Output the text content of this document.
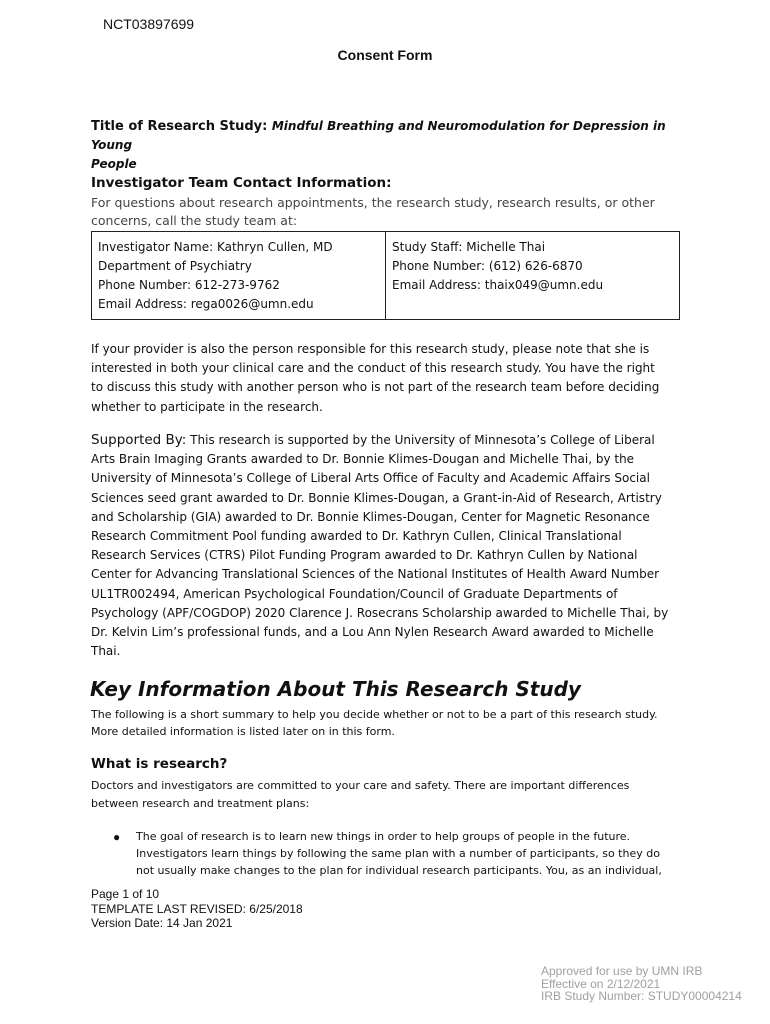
NCT03897699
Consent Form
Title of Research Study: Mindful Breathing and Neuromodulation for Depression in Young
People
Investigator Team Contact Information:
For questions about research appointments, the research study, research results, or other
concerns, call the study team at:
Investigator Name: Kathryn Cullen, MD
Department of Psychiatry
Phone Number: 612-273-9762
Email Address: rega0026@umn.edu
Study Staff: Michelle Thai
Phone Number: (612) 626-6870
Email Address: thaix049@umn.edu
If your provider is also the person responsible for this research study, please note that she is
interested in both your clinical care and the conduct of this research study. You have the right
to discuss this study with another person who is not part of the research team before deciding
whether to participate in the research.
Supported By: This research is supported by the University of Minnesota’s College of Liberal
Arts Brain Imaging Grants awarded to Dr. Bonnie Klimes-Dougan and Michelle Thai, by the
University of Minnesota’s College of Liberal Arts Office of Faculty and Academic Affairs Social
Sciences seed grant awarded to Dr. Bonnie Klimes-Dougan, a Grant-in-Aid of Research, Artistry
and Scholarship (GIA) awarded to Dr. Bonnie Klimes-Dougan, Center for Magnetic Resonance
Research Commitment Pool funding awarded to Dr. Kathryn Cullen, Clinical Translational
Research Services (CTRS) Pilot Funding Program awarded to Dr. Kathryn Cullen by National
Center for Advancing Translational Sciences of the National Institutes of Health Award Number
UL1TR002494, American Psychological Foundation/Council of Graduate Departments of
Psychology (APF/COGDOP) 2020 Clarence J. Rosecrans Scholarship awarded to Michelle Thai, by
Dr. Kelvin Lim’s professional funds, and a Lou Ann Nylen Research Award awarded to Michelle
Thai.
Key Information About This Research Study
The following is a short summary to help you decide whether or not to be a part of this research study.
More detailed information is listed later on in this form.
What is research?
Doctors and investigators are committed to your care and safety. There are important differences
between research and treatment plans:
● The goal of research is to learn new things in order to help groups of people in the future.
Investigators learn things by following the same plan with a number of participants, so they do
not usually make changes to the plan for individual research participants. You, as an individual,
Page 1 of 10
TEMPLATE LAST REVISED: 6/25/2018
Version Date: 14 Jan 2021
Approved for use by UMN IRB
Effective on 2/12/2021
IRB Study Number: STUDY00004214
